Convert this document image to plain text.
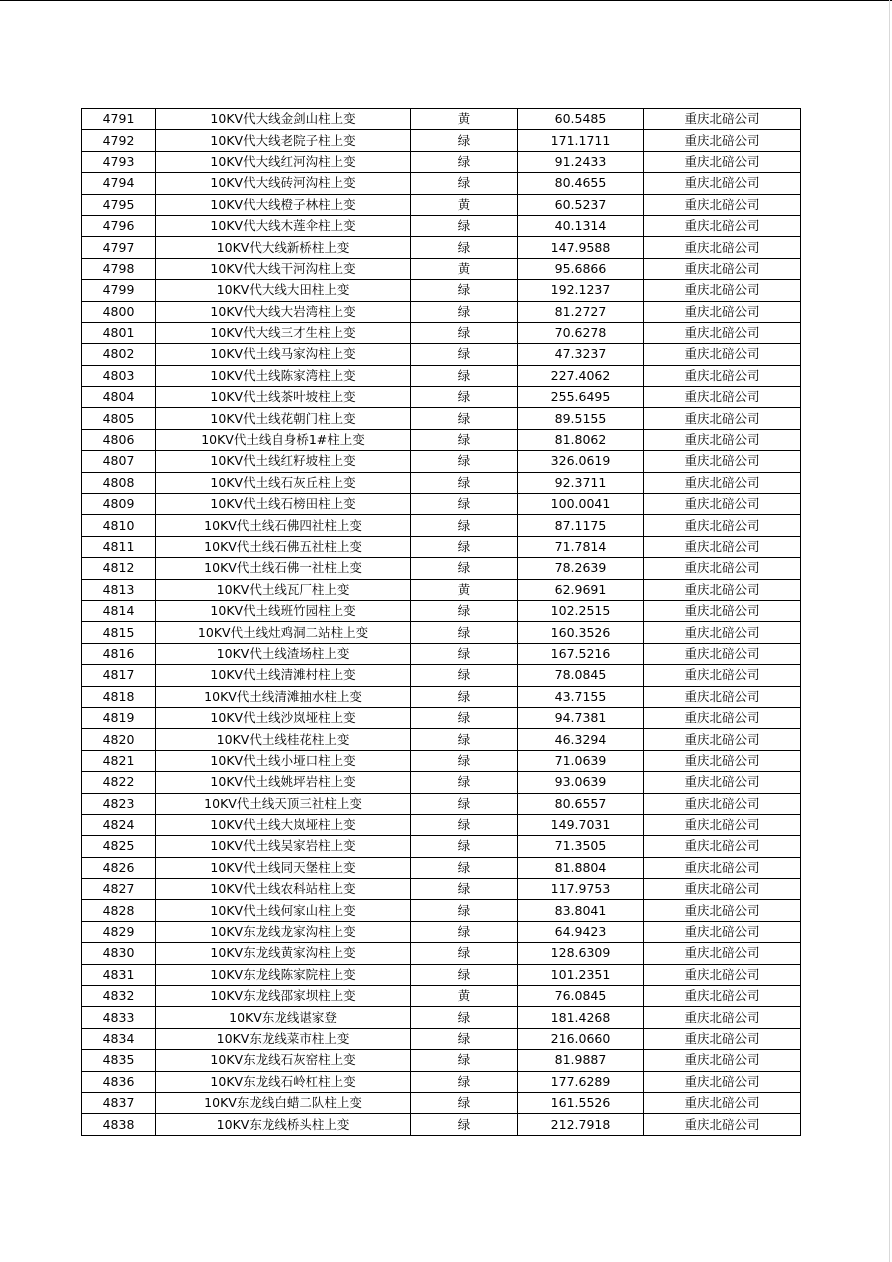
4791	10KV代大线金剑山柱上变	黄	60.5485	重庆北碚公司
4792	10KV代大线老院子柱上变	绿	171.1711	重庆北碚公司
4793	10KV代大线红河沟柱上变	绿	91.2433	重庆北碚公司
4794	10KV代大线砖河沟柱上变	绿	80.4655	重庆北碚公司
4795	10KV代大线橙子林柱上变	黄	60.5237	重庆北碚公司
4796	10KV代大线木莲伞柱上变	绿	40.1314	重庆北碚公司
4797	10KV代大线新桥柱上变	绿	147.9588	重庆北碚公司
4798	10KV代大线干河沟柱上变	黄	95.6866	重庆北碚公司
4799	10KV代大线大田柱上变	绿	192.1237	重庆北碚公司
4800	10KV代大线大岩湾柱上变	绿	81.2727	重庆北碚公司
4801	10KV代大线三才生柱上变	绿	70.6278	重庆北碚公司
4802	10KV代土线马家沟柱上变	绿	47.3237	重庆北碚公司
4803	10KV代土线陈家湾柱上变	绿	227.4062	重庆北碚公司
4804	10KV代土线茶叶坡柱上变	绿	255.6495	重庆北碚公司
4805	10KV代土线花朝门柱上变	绿	89.5155	重庆北碚公司
4806	10KV代土线自身桥1#柱上变	绿	81.8062	重庆北碚公司
4807	10KV代土线红籽坡柱上变	绿	326.0619	重庆北碚公司
4808	10KV代土线石灰丘柱上变	绿	92.3711	重庆北碚公司
4809	10KV代土线石榜田柱上变	绿	100.0041	重庆北碚公司
4810	10KV代土线石佛四社柱上变	绿	87.1175	重庆北碚公司
4811	10KV代土线石佛五社柱上变	绿	71.7814	重庆北碚公司
4812	10KV代土线石佛一社柱上变	绿	78.2639	重庆北碚公司
4813	10KV代土线瓦厂柱上变	黄	62.9691	重庆北碚公司
4814	10KV代土线班竹园柱上变	绿	102.2515	重庆北碚公司
4815	10KV代土线灶鸡洞二站柱上变	绿	160.3526	重庆北碚公司
4816	10KV代土线渣场柱上变	绿	167.5216	重庆北碚公司
4817	10KV代土线清滩村柱上变	绿	78.0845	重庆北碚公司
4818	10KV代土线清滩抽水柱上变	绿	43.7155	重庆北碚公司
4819	10KV代土线沙岚垭柱上变	绿	94.7381	重庆北碚公司
4820	10KV代土线桂花柱上变	绿	46.3294	重庆北碚公司
4821	10KV代土线小垭口柱上变	绿	71.0639	重庆北碚公司
4822	10KV代土线姚坪岩柱上变	绿	93.0639	重庆北碚公司
4823	10KV代土线天顶三社柱上变	绿	80.6557	重庆北碚公司
4824	10KV代土线大岚垭柱上变	绿	149.7031	重庆北碚公司
4825	10KV代土线吴家岩柱上变	绿	71.3505	重庆北碚公司
4826	10KV代土线同天堡柱上变	绿	81.8804	重庆北碚公司
4827	10KV代土线农科站柱上变	绿	117.9753	重庆北碚公司
4828	10KV代土线何家山柱上变	绿	83.8041	重庆北碚公司
4829	10KV东龙线龙家沟柱上变	绿	64.9423	重庆北碚公司
4830	10KV东龙线黄家沟柱上变	绿	128.6309	重庆北碚公司
4831	10KV东龙线陈家院柱上变	绿	101.2351	重庆北碚公司
4832	10KV东龙线邵家坝柱上变	黄	76.0845	重庆北碚公司
4833	10KV东龙线谌家登	绿	181.4268	重庆北碚公司
4834	10KV东龙线菜市柱上变	绿	216.0660	重庆北碚公司
4835	10KV东龙线石灰窑柱上变	绿	81.9887	重庆北碚公司
4836	10KV东龙线石岭杠柱上变	绿	177.6289	重庆北碚公司
4837	10KV东龙线白蜡二队柱上变	绿	161.5526	重庆北碚公司
4838	10KV东龙线桥头柱上变	绿	212.7918	重庆北碚公司
